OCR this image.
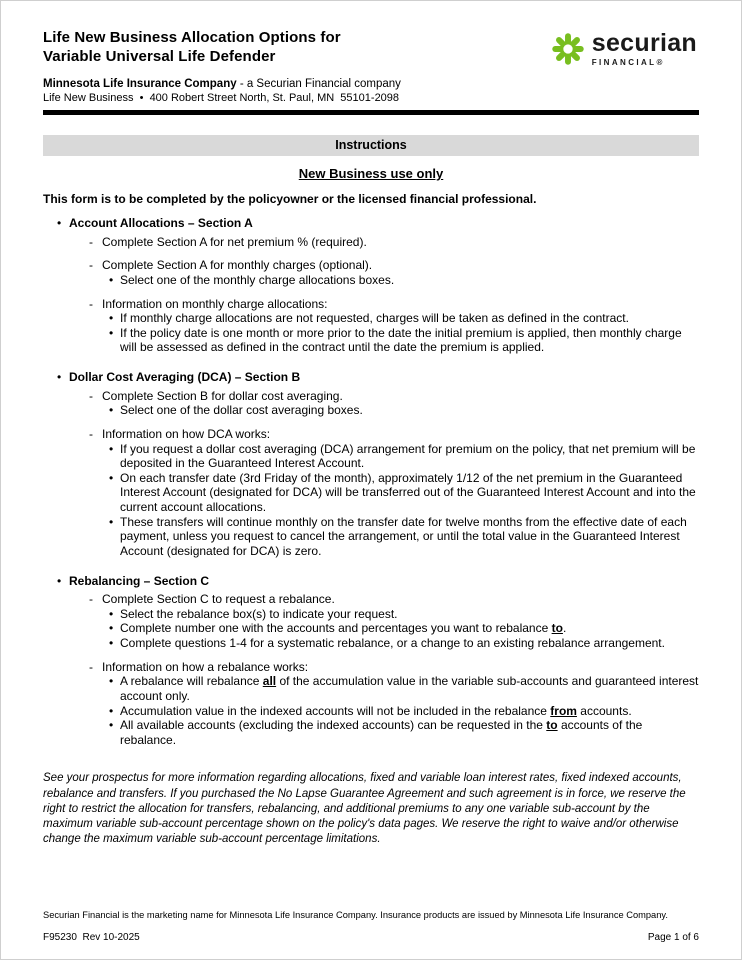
Life New Business Allocation Options for
Variable Universal Life Defender	securian
FINANCIAL®

Minnesota Life Insurance Company - a Securian Financial company

Life New Business  •  400 Robert Street North, St. Paul, MN  55101-2098

Instructions
New Business use only

This form is to be completed by the policyowner or the licensed financial professional.

• Account Allocations – Section A
- Complete Section A for net premium % (required).
- Complete Section A for monthly charges (optional).
• Select one of the monthly charge allocations boxes.
- Information on monthly charge allocations:
• If monthly charge allocations are not requested, charges will be taken as defined in the contract.
• If the policy date is one month or more prior to the date the initial premium is applied, then monthly charge will be assessed as defined in the contract until the date the premium is applied.
• Dollar Cost Averaging (DCA) – Section B
- Complete Section B for dollar cost averaging.
• Select one of the dollar cost averaging boxes.
- Information on how DCA works:
• If you request a dollar cost averaging (DCA) arrangement for premium on the policy, that net premium will be deposited in the Guaranteed Interest Account.
• On each transfer date (3rd Friday of the month), approximately 1/12 of the net premium in the Guaranteed Interest Account (designated for DCA) will be transferred out of the Guaranteed Interest Account and into the current account allocations.
• These transfers will continue monthly on the transfer date for twelve months from the effective date of each payment, unless you request to cancel the arrangement, or until the total value in the Guaranteed Interest Account (designated for DCA) is zero.
• Rebalancing – Section C
- Complete Section C to request a rebalance.
• Select the rebalance box(s) to indicate your request.
• Complete number one with the accounts and percentages you want to rebalance to.
• Complete questions 1-4 for a systematic rebalance, or a change to an existing rebalance arrangement.
- Information on how a rebalance works:
• A rebalance will rebalance all of the accumulation value in the variable sub-accounts and guaranteed interest account only.
• Accumulation value in the indexed accounts will not be included in the rebalance from accounts.
• All available accounts (excluding the indexed accounts) can be requested in the to accounts of the rebalance.

See your prospectus for more information regarding allocations, fixed and variable loan interest rates, fixed indexed accounts, rebalance and transfers. If you purchased the No Lapse Guarantee Agreement and such agreement is in force, we reserve the right to restrict the allocation for transfers, rebalancing, and additional premiums to any one variable sub-account by the maximum variable sub-account percentage shown on the policy's data pages. We reserve the right to waive and/or otherwise change the maximum variable sub-account percentage limitations.

Securian Financial is the marketing name for Minnesota Life Insurance Company. Insurance products are issued by Minnesota Life Insurance Company.

F95230  Rev 10-2025	Page 1 of 6
